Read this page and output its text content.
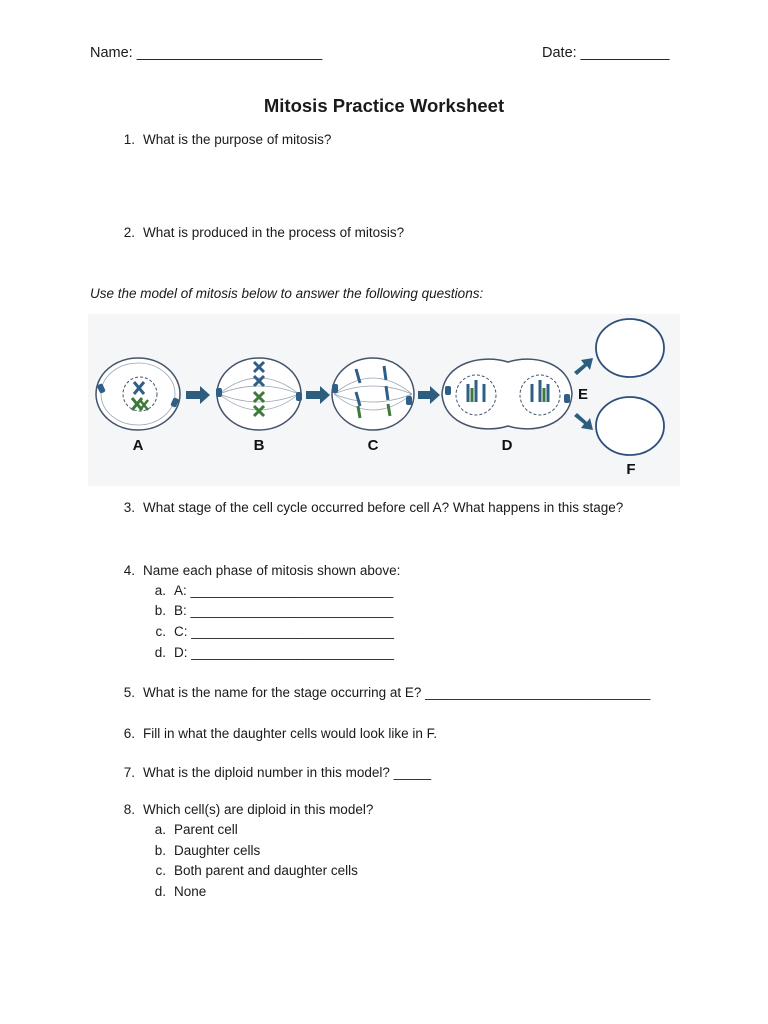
Name: _______________________	Date: ___________
Mitosis Practice Worksheet
1. What is the purpose of mitosis?
2. What is produced in the process of mitosis?
Use the model of mitosis below to answer the following questions:
A	B	C	D
E
F
3. What stage of the cell cycle occurred before cell A? What happens in this stage?
4. Name each phase of mitosis shown above:
a. A: ___________________________
b. B: ___________________________
c. C: ___________________________
d. D: ___________________________
5. What is the name for the stage occurring at E? ______________________________
6. Fill in what the daughter cells would look like in F.
7. What is the diploid number in this model? _____
8. Which cell(s) are diploid in this model?
a. Parent cell
b. Daughter cells
c. Both parent and daughter cells
d. None
